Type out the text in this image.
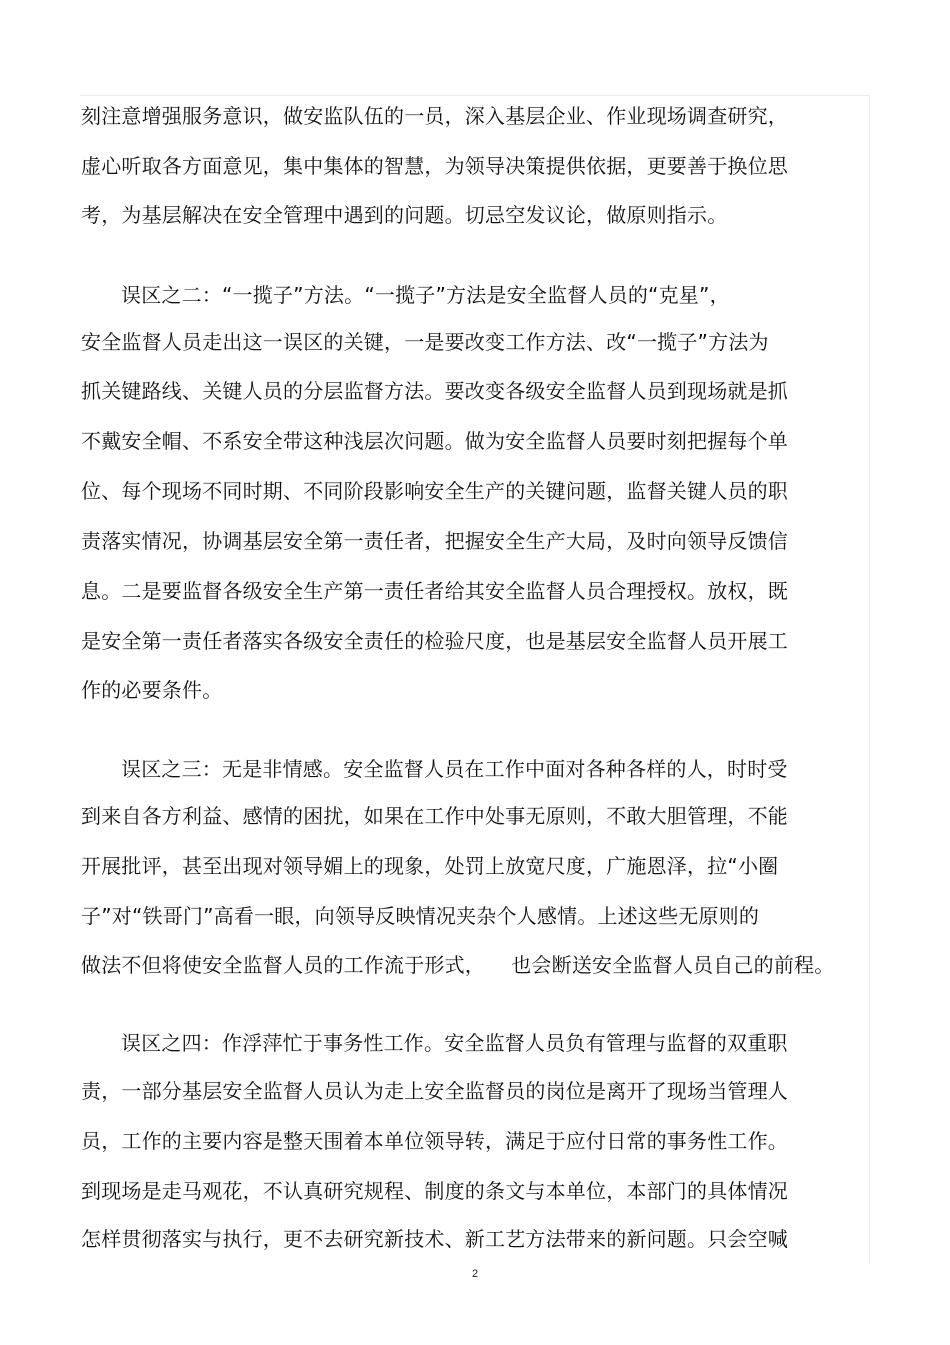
刻注意增强服务意识，做安监队伍的一员，深入基层企业、作业现场调查研究，
虚心听取各方面意见，集中集体的智慧，为领导决策提供依据，更要善于换位思
考，为基层解决在安全管理中遇到的问题。切忌空发议论，做原则指示。
误区之二：“一揽子”方法。“一揽子”方法是安全监督人员的“克星”，
安全监督人员走出这一误区的关键，一是要改变工作方法、改“一揽子”方法为
抓关键路线、关键人员的分层监督方法。要改变各级安全监督人员到现场就是抓
不戴安全帽、不系安全带这种浅层次问题。做为安全监督人员要时刻把握每个单
位、每个现场不同时期、不同阶段影响安全生产的关键问题，监督关键人员的职
责落实情况，协调基层安全第一责任者，把握安全生产大局，及时向领导反馈信
息。二是要监督各级安全生产第一责任者给其安全监督人员合理授权。放权，既
是安全第一责任者落实各级安全责任的检验尺度，也是基层安全监督人员开展工
作的必要条件。
误区之三：无是非情感。安全监督人员在工作中面对各种各样的人，时时受
到来自各方利益、感情的困扰，如果在工作中处事无原则，不敢大胆管理，不能
开展批评，甚至出现对领导媚上的现象，处罚上放宽尺度，广施恩泽，拉“小圈
子”对“铁哥门”高看一眼，向领导反映情况夹杂个人感情。上述这些无原则的
做法不但将使安全监督人员的工作流于形式，    也会断送安全监督人员自己的前程。
误区之四：作浮萍忙于事务性工作。安全监督人员负有管理与监督的双重职
责，一部分基层安全监督人员认为走上安全监督员的岗位是离开了现场当管理人
员，工作的主要内容是整天围着本单位领导转，满足于应付日常的事务性工作。
到现场是走马观花，不认真研究规程、制度的条文与本单位，本部门的具体情况
怎样贯彻落实与执行，更不去研究新技术、新工艺方法带来的新问题。只会空喊
2
